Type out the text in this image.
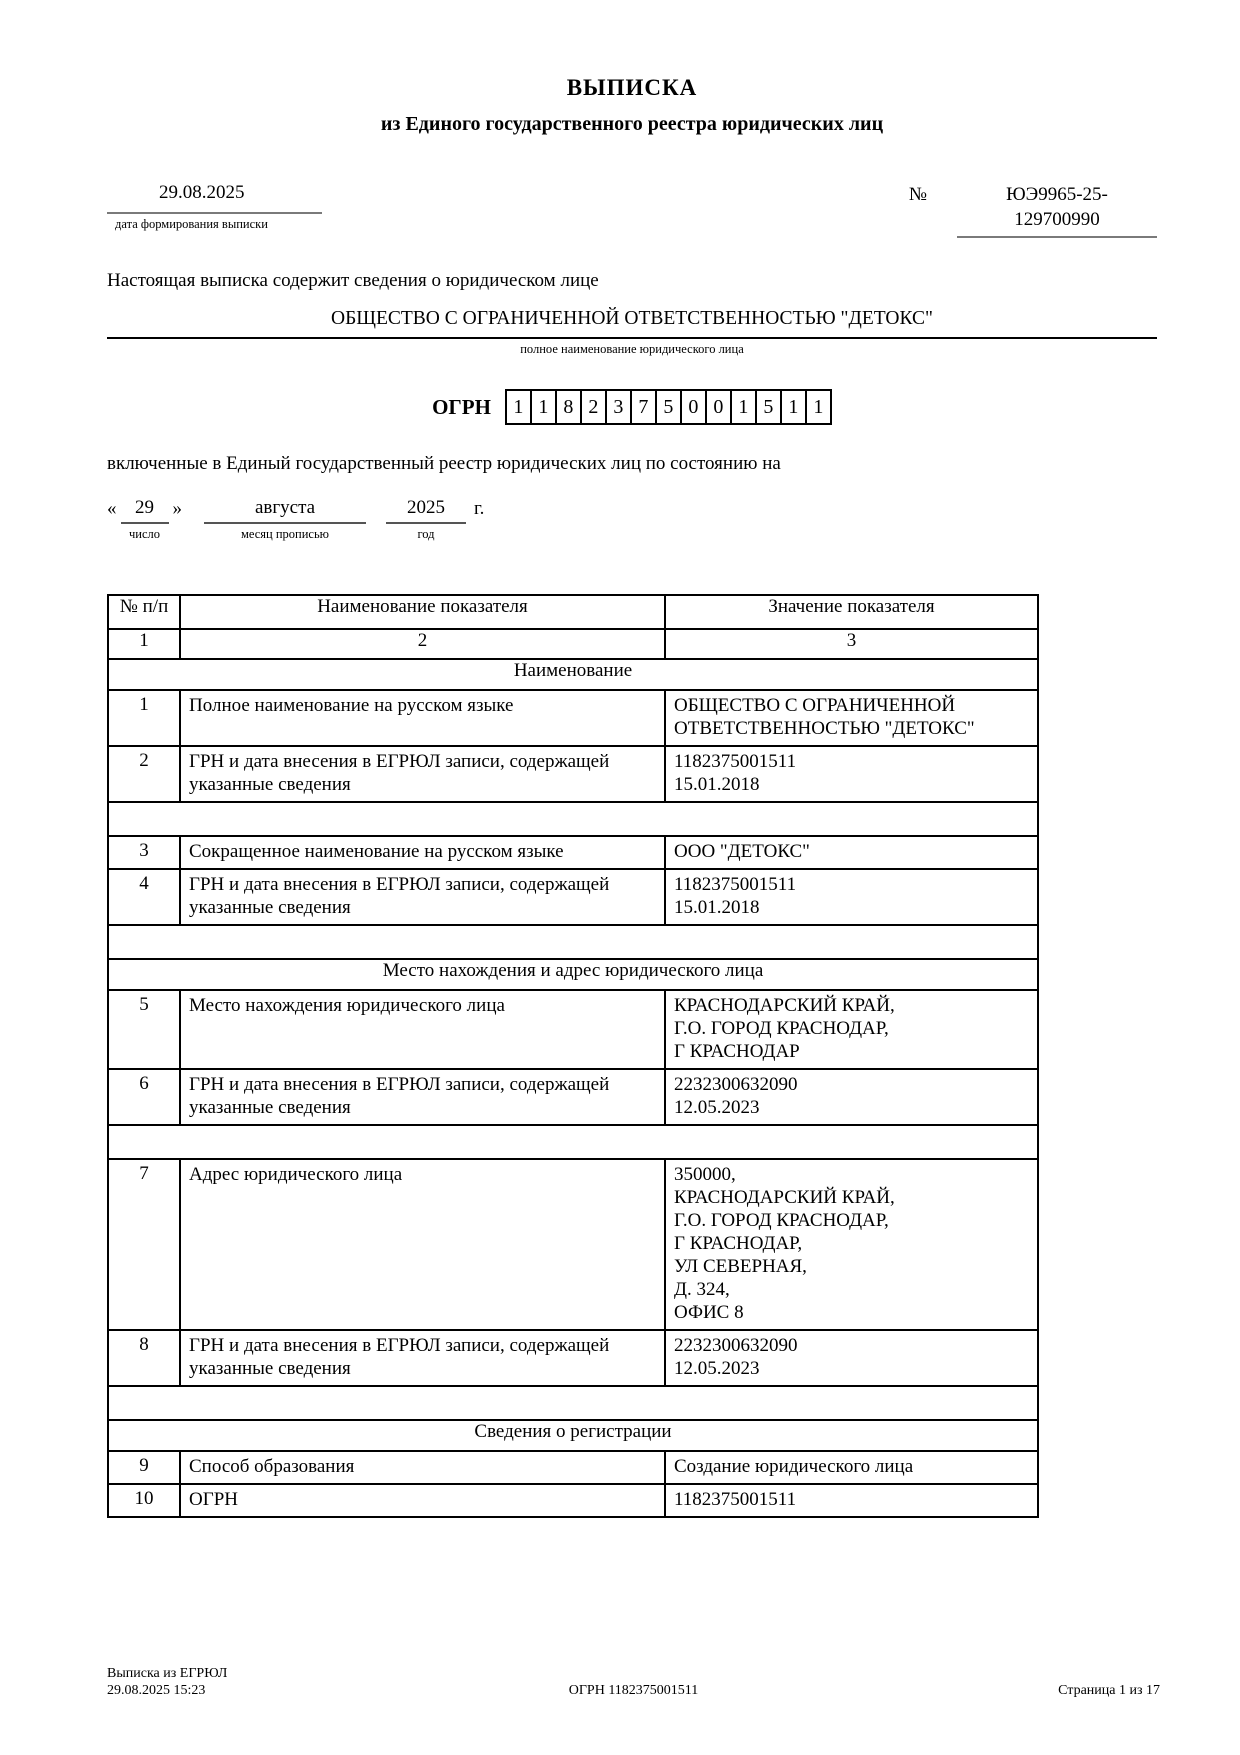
ВЫПИСКА
из Единого государственного реестра юридических лиц
29.08.2025
дата формирования выписки
№	ЮЭ9965-25-
129700990
Настоящая выписка содержит сведения о юридическом лице
ОБЩЕСТВО С ОГРАНИЧЕННОЙ ОТВЕТСТВЕННОСТЬЮ "ДЕТОКС"
полное наименование юридического лица
ОГРН	1 1 8 2 3 7 5 0 0 1 5 1 1
включенные в Единый государственный реестр юридических лиц по состоянию на
« 29
число
»	августа
месяц прописью
2025
год
г.
№ п/п	Наименование показателя	Значение показателя
1	2	3
Наименование		
1	Полное наименование на русском языке	ОБЩЕСТВО С ОГРАНИЧЕННОЙ
ОТВЕТСТВЕННОСТЬЮ "ДЕТОКС"

2	ГРН и дата внесения в ЕГРЮЛ записи, содержащей указанные сведения	1182375001511
15.01.2018

3	Сокращенное наименование на русском языке	ООО "ДЕТОКС"

4	ГРН и дата внесения в ЕГРЮЛ записи, содержащей указанные сведения	1182375001511
15.01.2018

Место нахождения и адрес юридического лица		
5	Место нахождения юридического лица	КРАСНОДАРСКИЙ КРАЙ,
Г.О. ГОРОД КРАСНОДАР,
Г КРАСНОДАР

6	ГРН и дата внесения в ЕГРЮЛ записи, содержащей указанные сведения	2232300632090
12.05.2023

7	Адрес юридического лица	350000,
КРАСНОДАРСКИЙ КРАЙ,
Г.О. ГОРОД КРАСНОДАР,
Г КРАСНОДАР,
УЛ СЕВЕРНАЯ,
Д. 324,
ОФИС 8

8	ГРН и дата внесения в ЕГРЮЛ записи, содержащей указанные сведения	2232300632090
12.05.2023

Сведения о регистрации		
9	Способ образования	Создание юридического лица

10	ОГРН	1182375001511
Выписка из ЕГРЮЛ
29.08.2025 15:23	ОГРН 1182375001511	Страница 1 из 17
